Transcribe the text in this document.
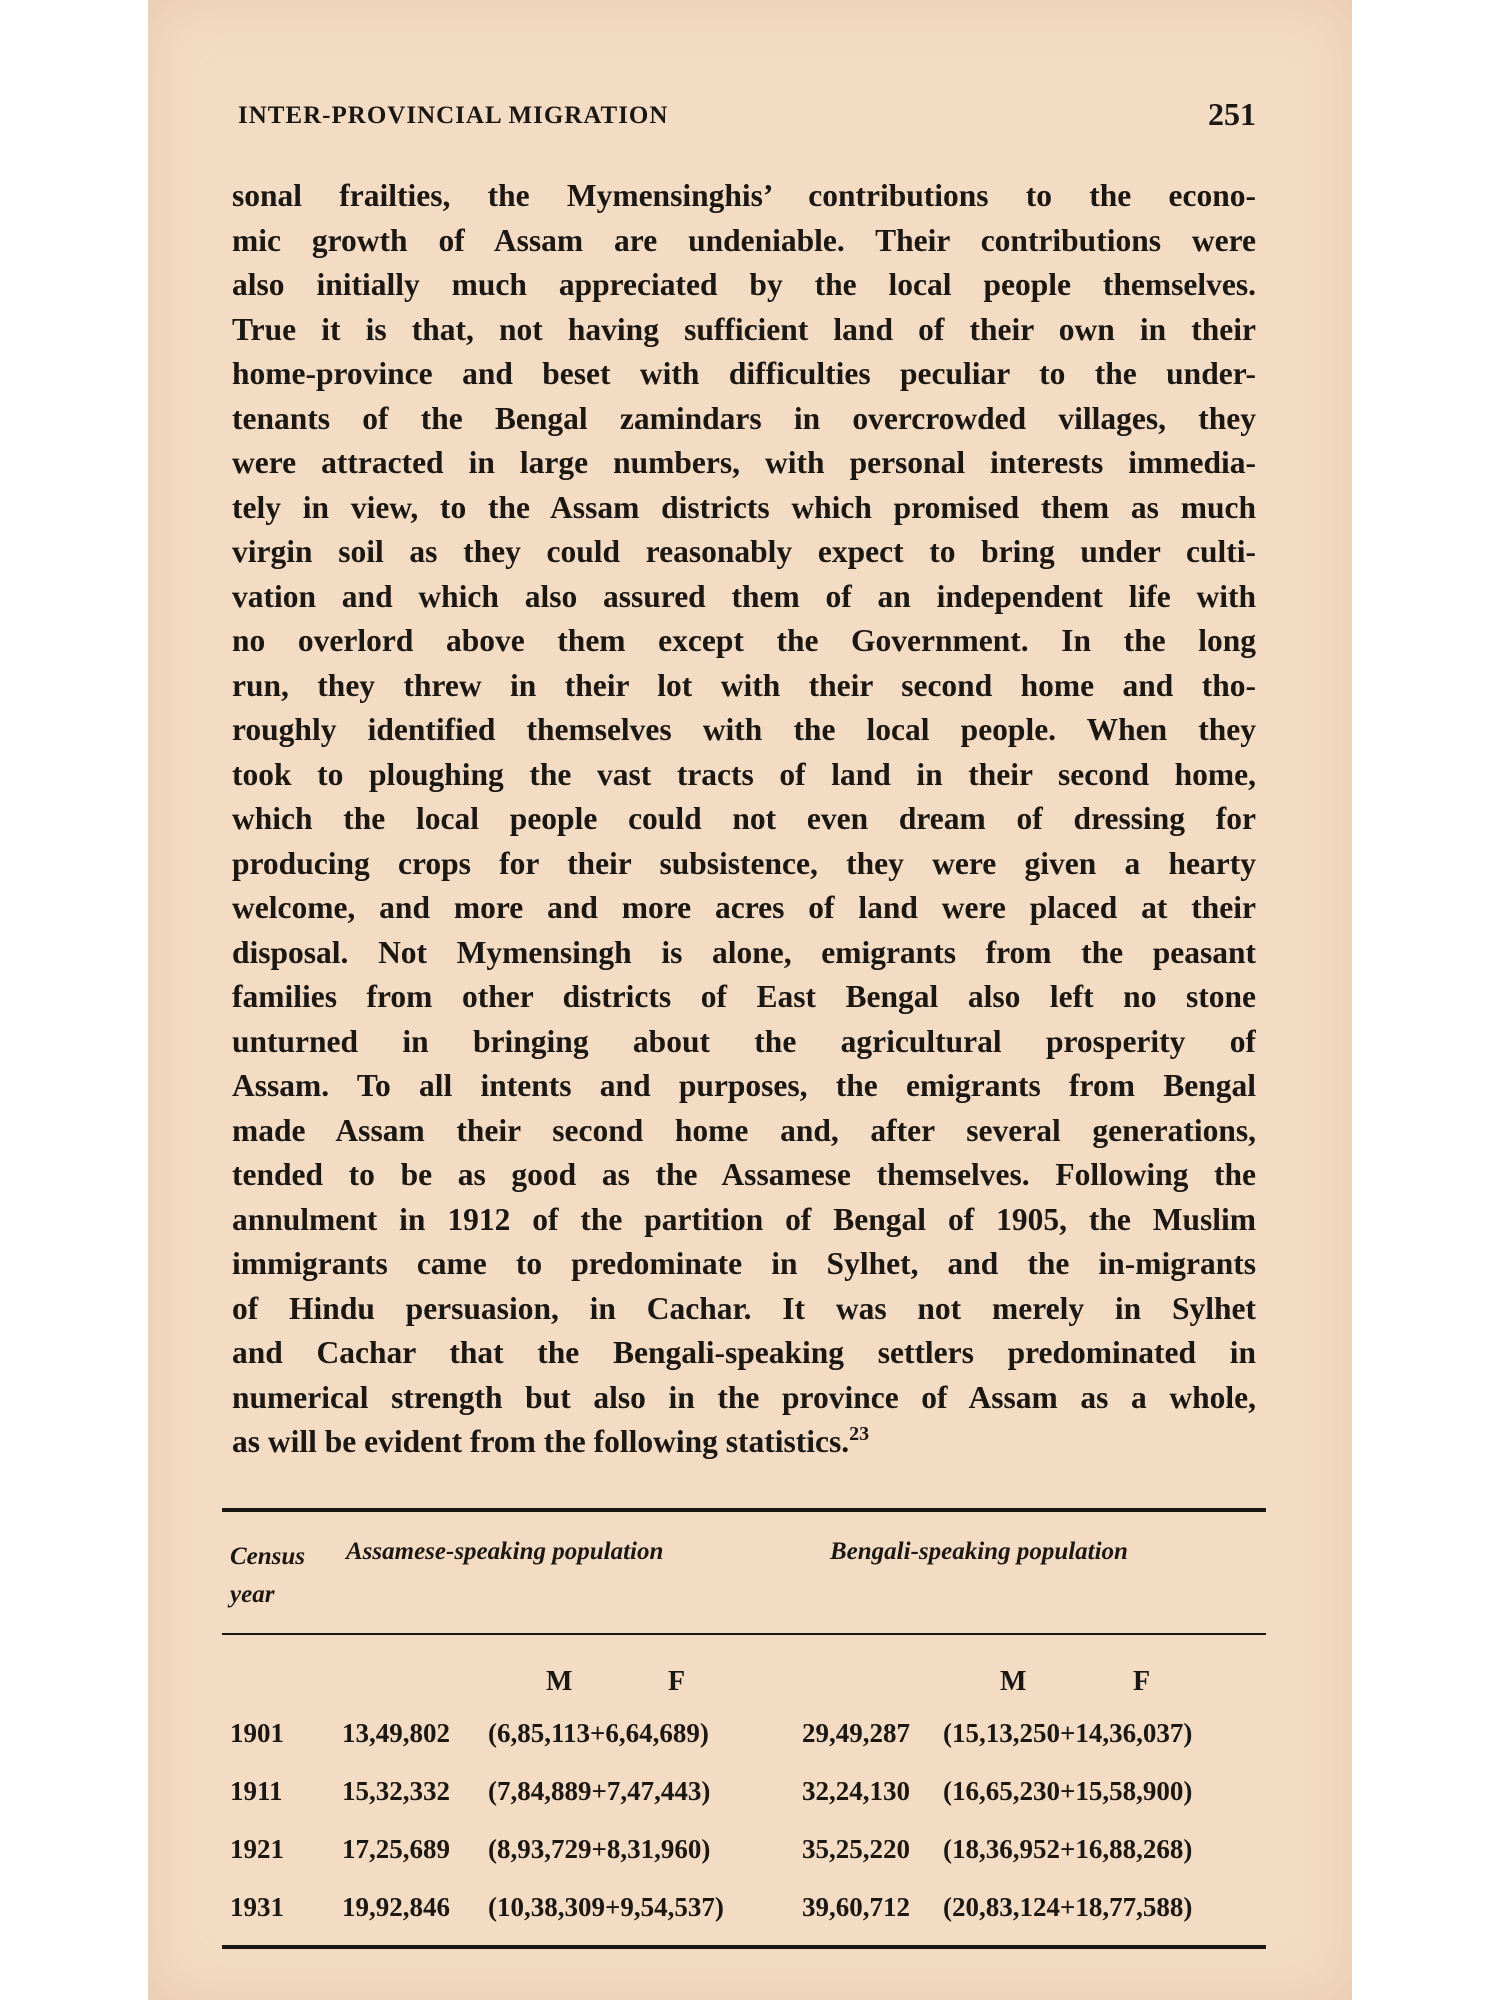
INTER-PROVINCIAL MIGRATION	251
sonal frailties, the Mymensinghis’ contributions to the econo-
mic growth of Assam are undeniable. Their contributions were
also initially much appreciated by the local people themselves.
True it is that, not having sufficient land of their own in their
home-province and beset with difficulties peculiar to the under-
tenants of the Bengal zamindars in overcrowded villages, they
were attracted in large numbers, with personal interests immedia-
tely in view, to the Assam districts which promised them as much
virgin soil as they could reasonably expect to bring under culti-
vation and which also assured them of an independent life with
no overlord above them except the Government. In the long
run, they threw in their lot with their second home and tho-
roughly identified themselves with the local people. When they
took to ploughing the vast tracts of land in their second home,
which the local people could not even dream of dressing for
producing crops for their subsistence, they were given a hearty
welcome, and more and more acres of land were placed at their
disposal. Not Mymensingh is alone, emigrants from the peasant
families from other districts of East Bengal also left no stone
unturned in bringing about the agricultural prosperity of
Assam. To all intents and purposes, the emigrants from Bengal
made Assam their second home and, after several generations,
tended to be as good as the Assamese themselves. Following the
annulment in 1912 of the partition of Bengal of 1905, the Muslim
immigrants came to predominate in Sylhet, and the in-migrants
of Hindu persuasion, in Cachar. It was not merely in Sylhet
and Cachar that the Bengali-speaking settlers predominated in
numerical strength but also in the province of Assam as a whole,
as will be evident from the following statistics.$^{23}$
Census
year
Assamese-speaking population	Bengali-speaking population
M	F	M	F
1901 13,49,802 (6,85,113+6,64,689)	29,49,287 (15,13,250+14,36,037)
1911 15,32,332 (7,84,889+7,47,443)	32,24,130 (16,65,230+15,58,900)
1921 17,25,689 (8,93,729+8,31,960)	35,25,220 (18,36,952+16,88,268)
1931 19,92,846 (10,38,309+9,54,537)	39,60,712 (20,83,124+18,77,588)
